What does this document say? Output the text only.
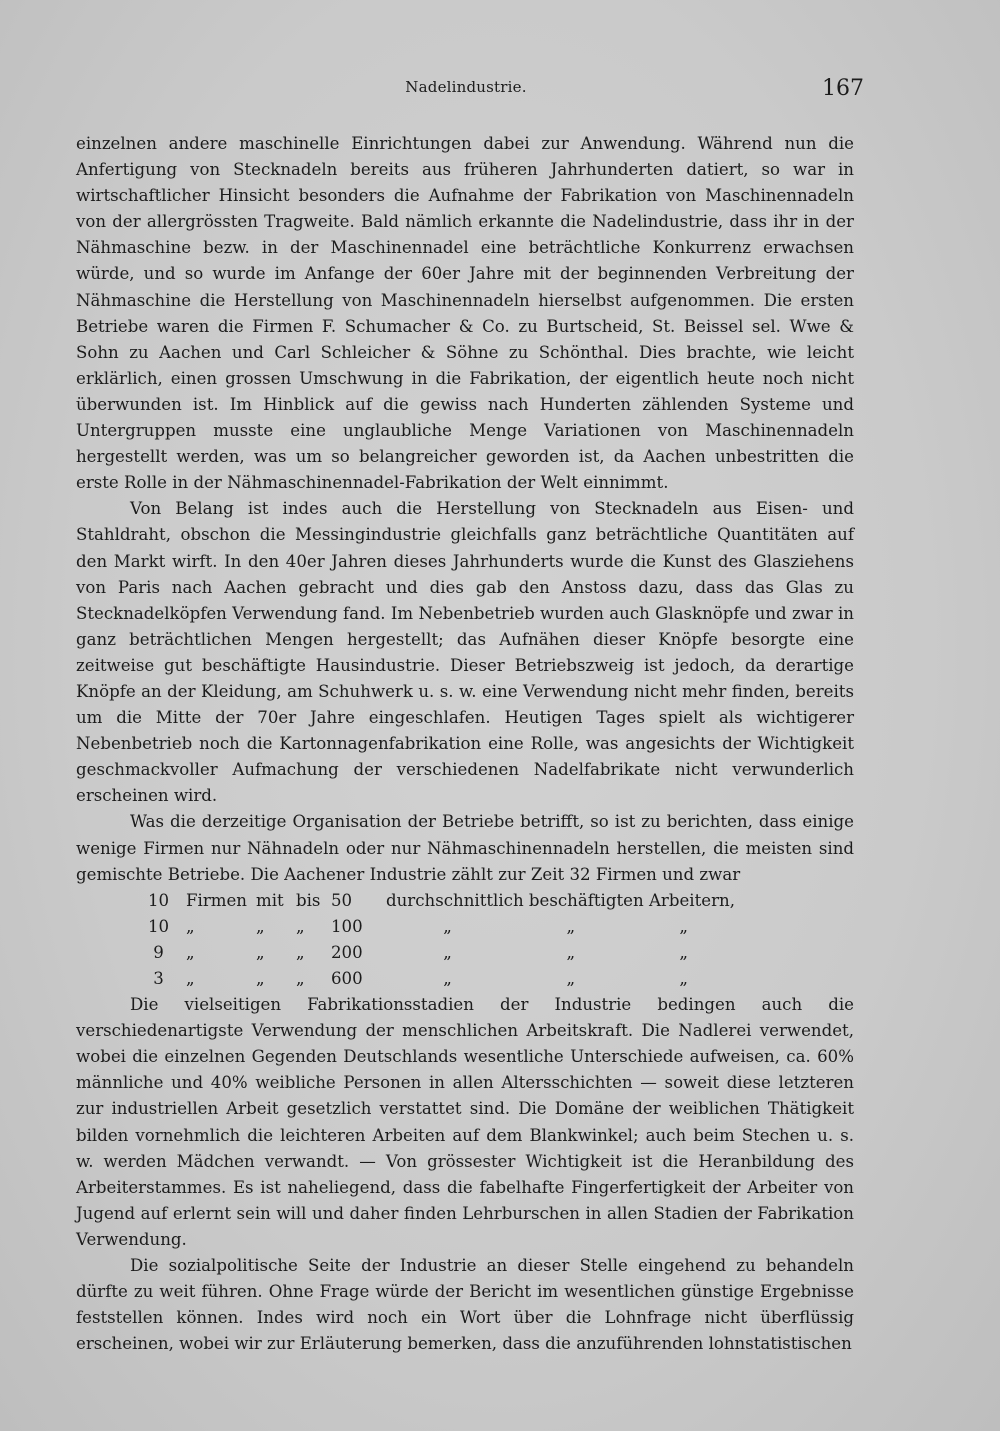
Nadelindustrie.	167

einzelnen andere maschinelle Einrichtungen dabei zur Anwendung. Während nun die Anfertigung von Stecknadeln bereits aus früheren Jahrhunderten datiert, so war in wirtschaftlicher Hinsicht besonders die Aufnahme der Fabrikation von Maschinennadeln von der allergrössten Tragweite. Bald nämlich erkannte die Nadelindustrie, dass ihr in der Nähmaschine bezw. in der Maschinennadel eine beträchtliche Konkurrenz erwachsen würde, und so wurde im Anfange der 60er Jahre mit der beginnenden Verbreitung der Nähmaschine die Herstellung von Maschinennadeln hierselbst aufgenommen. Die ersten Betriebe waren die Firmen F. Schumacher & Co. zu Burtscheid, St. Beissel sel. Wwe & Sohn zu Aachen und Carl Schleicher & Söhne zu Schönthal. Dies brachte, wie leicht erklärlich, einen grossen Umschwung in die Fabrikation, der eigentlich heute noch nicht überwunden ist. Im Hinblick auf die gewiss nach Hunderten zählenden Systeme und Untergruppen musste eine unglaubliche Menge Variationen von Maschinennadeln hergestellt werden, was um so belangreicher geworden ist, da Aachen unbestritten die erste Rolle in der Nähmaschinennadel-Fabrikation der Welt einnimmt.

Von Belang ist indes auch die Herstellung von Stecknadeln aus Eisen- und Stahldraht, obschon die Messingindustrie gleichfalls ganz beträchtliche Quantitäten auf den Markt wirft. In den 40er Jahren dieses Jahrhunderts wurde die Kunst des Glasziehens von Paris nach Aachen gebracht und dies gab den Anstoss dazu, dass das Glas zu Stecknadelköpfen Verwendung fand. Im Nebenbetrieb wurden auch Glasknöpfe und zwar in ganz beträchtlichen Mengen hergestellt; das Aufnähen dieser Knöpfe besorgte eine zeitweise gut beschäftigte Hausindustrie. Dieser Betriebszweig ist jedoch, da derartige Knöpfe an der Kleidung, am Schuhwerk u. s. w. eine Verwendung nicht mehr finden, bereits um die Mitte der 70er Jahre eingeschlafen. Heutigen Tages spielt als wichtigerer Nebenbetrieb noch die Kartonnagenfabrikation eine Rolle, was angesichts der Wichtigkeit geschmackvoller Aufmachung der verschiedenen Nadelfabrikate nicht verwunderlich erscheinen wird.

Was die derzeitige Organisation der Betriebe betrifft, so ist zu berichten, dass einige wenige Firmen nur Nähnadeln oder nur Nähmaschinennadeln herstellen, die meisten sind gemischte Betriebe. Die Aachener Industrie zählt zur Zeit 32 Firmen und zwar

10	Firmen	mit	bis	50	durchschnittlich beschäftigten Arbeitern,		
10	„	„	„	100	„	„	„
9	„	„	„	200	„	„	„
3	„	„	„	600	„	„	„

Die vielseitigen Fabrikationsstadien der Industrie bedingen auch die verschiedenartigste Verwendung der menschlichen Arbeitskraft. Die Nadlerei verwendet, wobei die einzelnen Gegenden Deutschlands wesentliche Unterschiede aufweisen, ca. 60% männliche und 40% weibliche Personen in allen Altersschichten — soweit diese letzteren zur industriellen Arbeit gesetzlich verstattet sind. Die Domäne der weiblichen Thätigkeit bilden vornehmlich die leichteren Arbeiten auf dem Blankwinkel; auch beim Stechen u. s. w. werden Mädchen verwandt. — Von grössester Wichtigkeit ist die Heranbildung des Arbeiterstammes. Es ist naheliegend, dass die fabelhafte Fingerfertigkeit der Arbeiter von Jugend auf erlernt sein will und daher finden Lehrburschen in allen Stadien der Fabrikation Verwendung.

Die sozialpolitische Seite der Industrie an dieser Stelle eingehend zu behandeln dürfte zu weit führen. Ohne Frage würde der Bericht im wesentlichen günstige Ergebnisse feststellen können. Indes wird noch ein Wort über die Lohnfrage nicht überflüssig erscheinen, wobei wir zur Erläuterung bemerken, dass die anzuführenden lohnstatistischen
